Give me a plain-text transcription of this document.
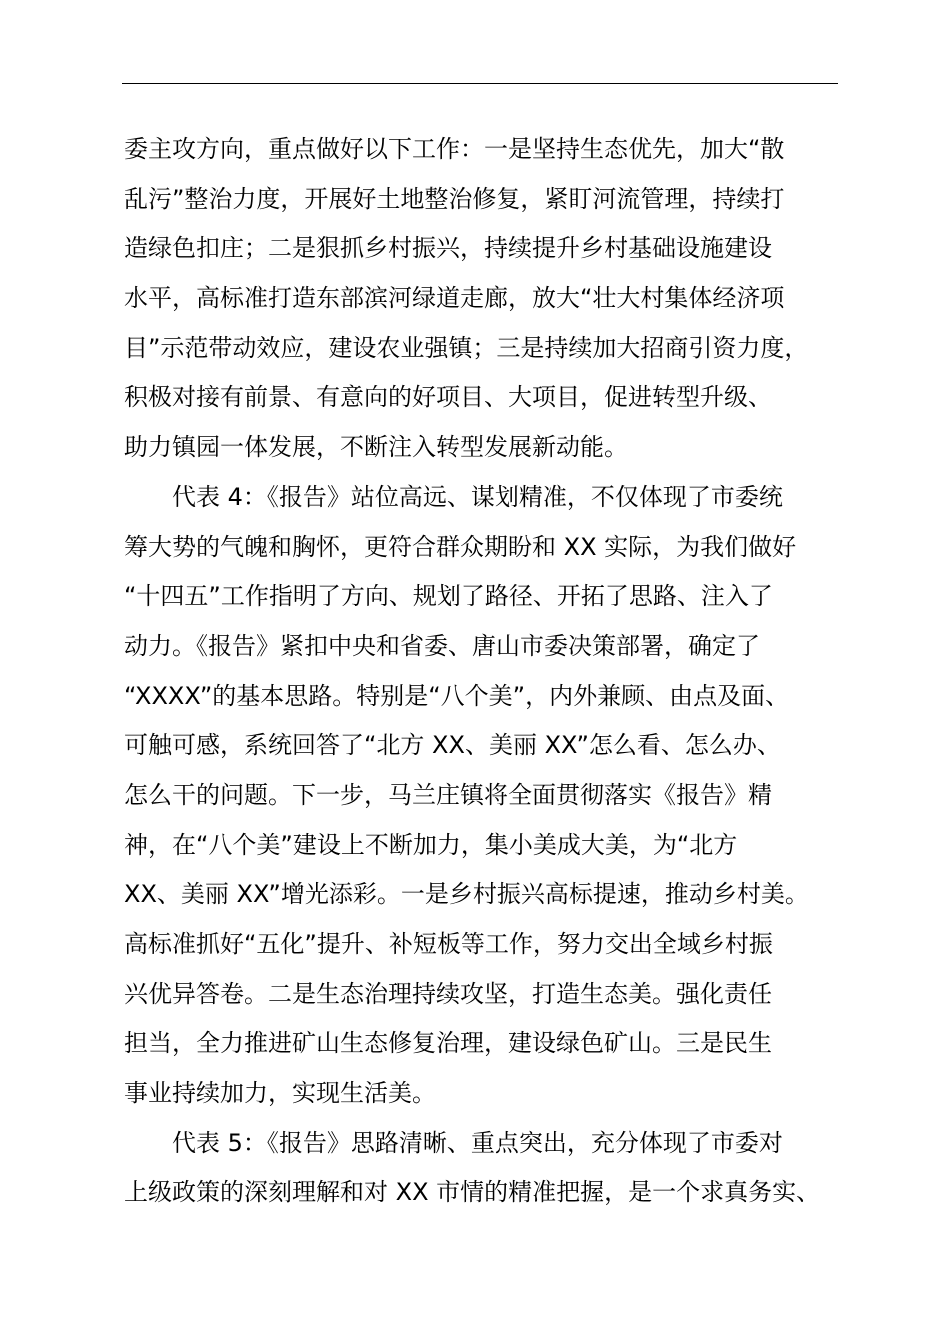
委主攻方向，重点做好以下工作：一是坚持生态优先，加大“散
乱污”整治力度，开展好土地整治修复，紧盯河流管理，持续打
造绿色扣庄；二是狠抓乡村振兴，持续提升乡村基础设施建设
水平，高标准打造东部滨河绿道走廊，放大“壮大村集体经济项
目”示范带动效应，建设农业强镇；三是持续加大招商引资力度，
积极对接有前景、有意向的好项目、大项目，促进转型升级、
助力镇园一体发展，不断注入转型发展新动能。
代表 4：《报告》站位高远、谋划精准，不仅体现了市委统
筹大势的气魄和胸怀，更符合群众期盼和 XX 实际，为我们做好
“十四五”工作指明了方向、规划了路径、开拓了思路、注入了
动力。《报告》紧扣中央和省委、唐山市委决策部署，确定了
“XXXX”的基本思路。特别是“八个美”，内外兼顾、由点及面、
可触可感，系统回答了“北方 XX、美丽 XX”怎么看、怎么办、
怎么干的问题。下一步，马兰庄镇将全面贯彻落实《报告》精
神，在“八个美”建设上不断加力，集小美成大美，为“北方
XX、美丽 XX”增光添彩。一是乡村振兴高标提速，推动乡村美。
高标准抓好“五化”提升、补短板等工作，努力交出全域乡村振
兴优异答卷。二是生态治理持续攻坚，打造生态美。强化责任
担当，全力推进矿山生态修复治理，建设绿色矿山。三是民生
事业持续加力，实现生活美。
代表 5：《报告》思路清晰、重点突出，充分体现了市委对
上级政策的深刻理解和对 XX 市情的精准把握，是一个求真务实、
